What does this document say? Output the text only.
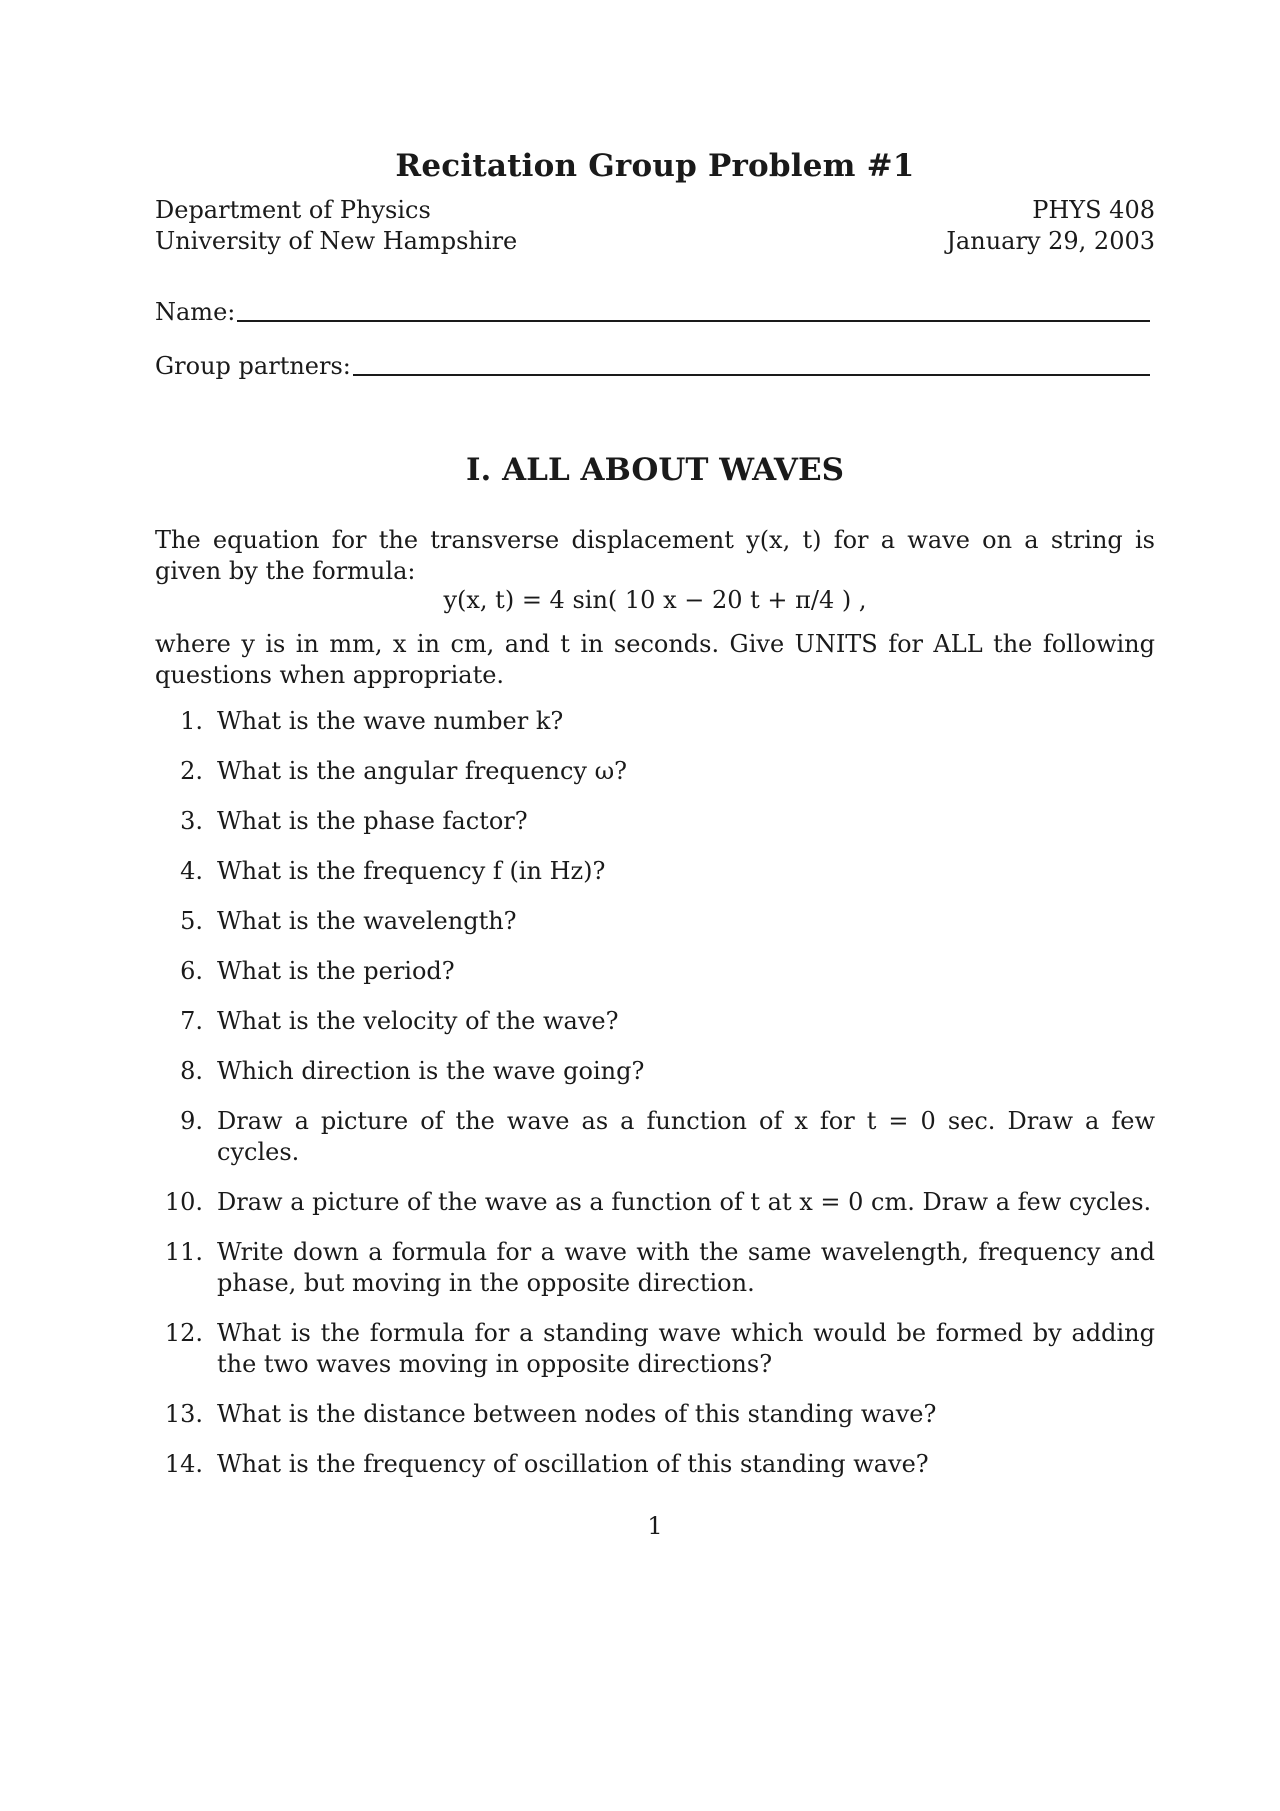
Recitation Group Problem #1
Department of Physics
University of New Hampshire
PHYS 408
January 29, 2003
Name:
Group partners:
I. ALL ABOUT WAVES
The equation for the transverse displacement y(x, t) for a wave on a string is given by the formula:
y(x, t) = 4 sin( 10 x − 20 t + π/4 ) ,
where y is in mm, x in cm, and t in seconds. Give UNITS for ALL the following questions when appropriate.
1. What is the wave number k?
2. What is the angular frequency ω?
3. What is the phase factor?
4. What is the frequency f (in Hz)?
5. What is the wavelength?
6. What is the period?
7. What is the velocity of the wave?
8. Which direction is the wave going?
9. Draw a picture of the wave as a function of x for t = 0 sec. Draw a few cycles.
10. Draw a picture of the wave as a function of t at x = 0 cm. Draw a few cycles.
11. Write down a formula for a wave with the same wavelength, frequency and phase, but moving in the opposite direction.
12. What is the formula for a standing wave which would be formed by adding the two waves moving in opposite directions?
13. What is the distance between nodes of this standing wave?
14. What is the frequency of oscillation of this standing wave?
1
